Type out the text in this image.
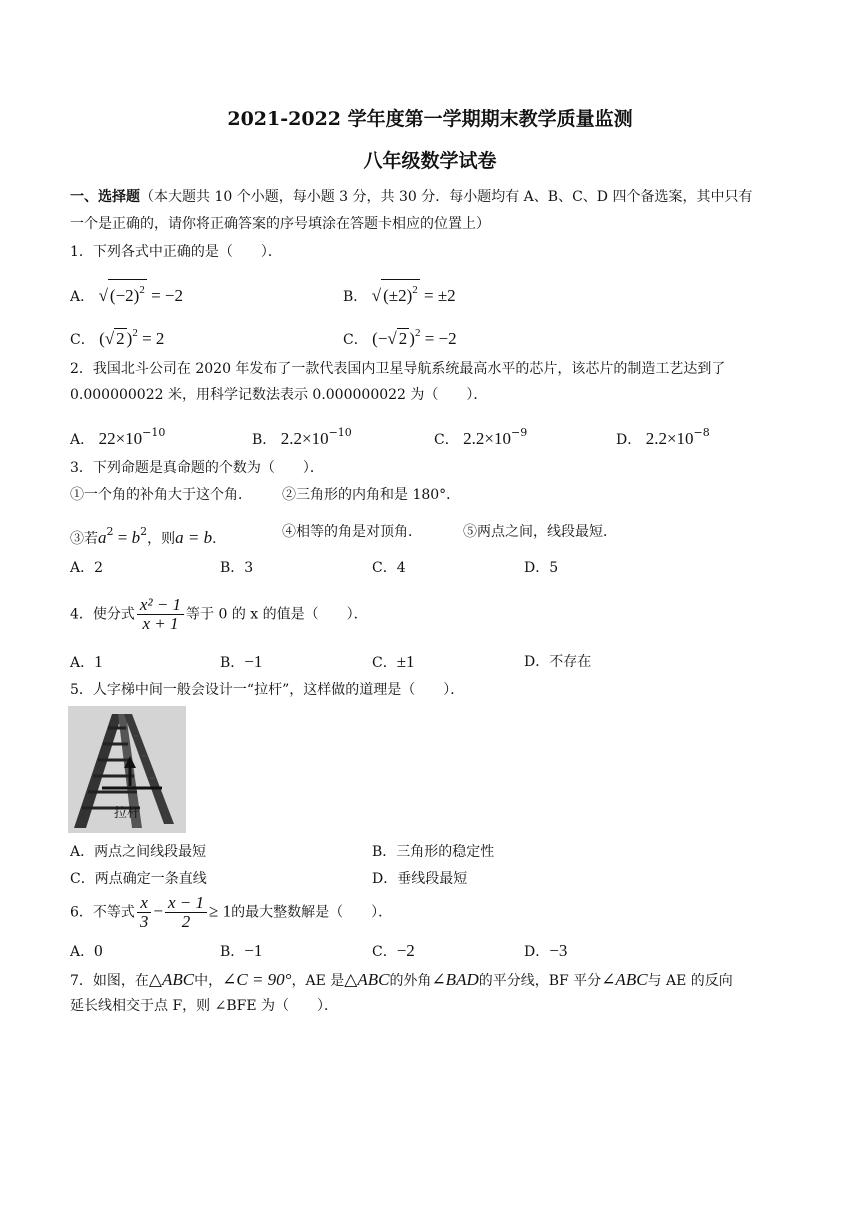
2021-2022 学年度第一学期期末教学质量监测
八年级数学试卷
一、选择题（本大题共 10 个小题，每小题 3 分，共 30 分．每小题均有 A、B、C、D 四个备选案，其中只有
一个是正确的，请你将正确答案的序号填涂在答题卡相应的位置上）
1．下列各式中正确的是（　　）．
A． √ $(-2)^2 = -2$	B． √ $(\pm 2)^2 = \pm 2$
C． (√ 2 )$^2$ = 2	C． (−√ 2 )$^2$ = −2
2．我国北斗公司在 2020 年发布了一款代表国内卫星导航系统最高水平的芯片，该芯片的制造工艺达到了
0.000000022 米，用科学记数法表示 0.000000022 为（　　）．
A． $22\times 10^{-10}$	B． $2.2\times 10^{-10}$	C． $2.2\times 10^{-9}$	D． $2.2\times 10^{-8}$
3．下列命题是真命题的个数为（　　）．
①一个角的补角大于这个角． ②三角形的内角和是 180°．
③若$a^2 = b^2$，则a = b．	④相等的角是对顶角．	⑤两点之间，线段最短．
A．2	B．3	C．4	D．5
4．使分式 $\frac{\text{x² − 1}}{x + 1}$ 等于 0 的 x 的值是（　　）．
A．1	B．−1	C．±1	D．不存在
5．人字梯中间一般会设计一“拉杆”，这样做的道理是（　　）．
拉杆
A．两点之间线段最短	B．三角形的稳定性
C．两点确定一条直线	D．垂线段最短
6．不等式 $\frac{x}{3} - \frac{x - 1}{2} \ge 1$的最大整数解是（　　）．
A．0	B．−1	C．−2	D．−3
7．如图，在△ABC中，∠C = 90°，AE 是△ABC的外角∠BAD的平分线，BF 平分∠ABC与 AE 的反向
延长线相交于点 F，则 ∠BFE 为（　　）．
